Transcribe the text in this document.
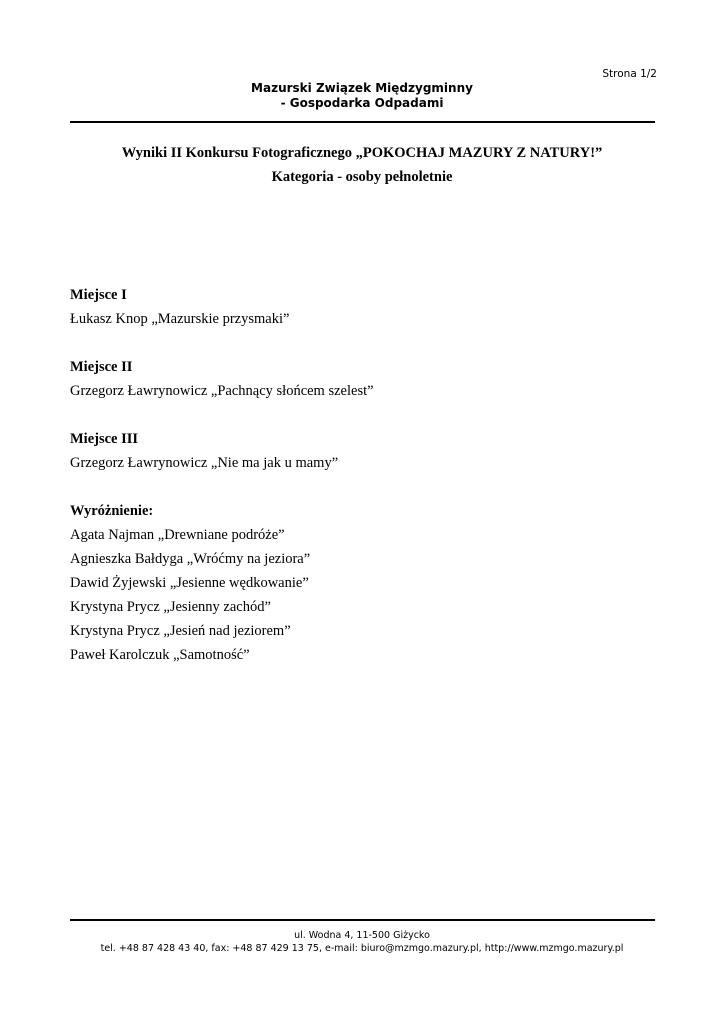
Strona 1/2
Mazurski Związek Międzygminny
- Gospodarka Odpadami
Wyniki II Konkursu Fotograficznego „POKOCHAJ MAZURY Z NATURY!”
Kategoria - osoby pełnoletnie
Miejsce I
Łukasz Knop „Mazurskie przysmaki”
Miejsce II
Grzegorz Ławrynowicz „Pachnący słońcem szelest”
Miejsce III
Grzegorz Ławrynowicz „Nie ma jak u mamy”
Wyróżnienie:
Agata Najman „Drewniane podróże”
Agnieszka Bałdyga „Wróćmy na jeziora”
Dawid Żyjewski „Jesienne wędkowanie”
Krystyna Prycz „Jesienny zachód”
Krystyna Prycz „Jesień nad jeziorem”
Paweł Karolczuk „Samotność”
ul. Wodna 4, 11-500 Giżycko
tel. +48 87 428 43 40, fax: +48 87 429 13 75, e-mail: biuro@mzmgo.mazury.pl, http://www.mzmgo.mazury.pl
